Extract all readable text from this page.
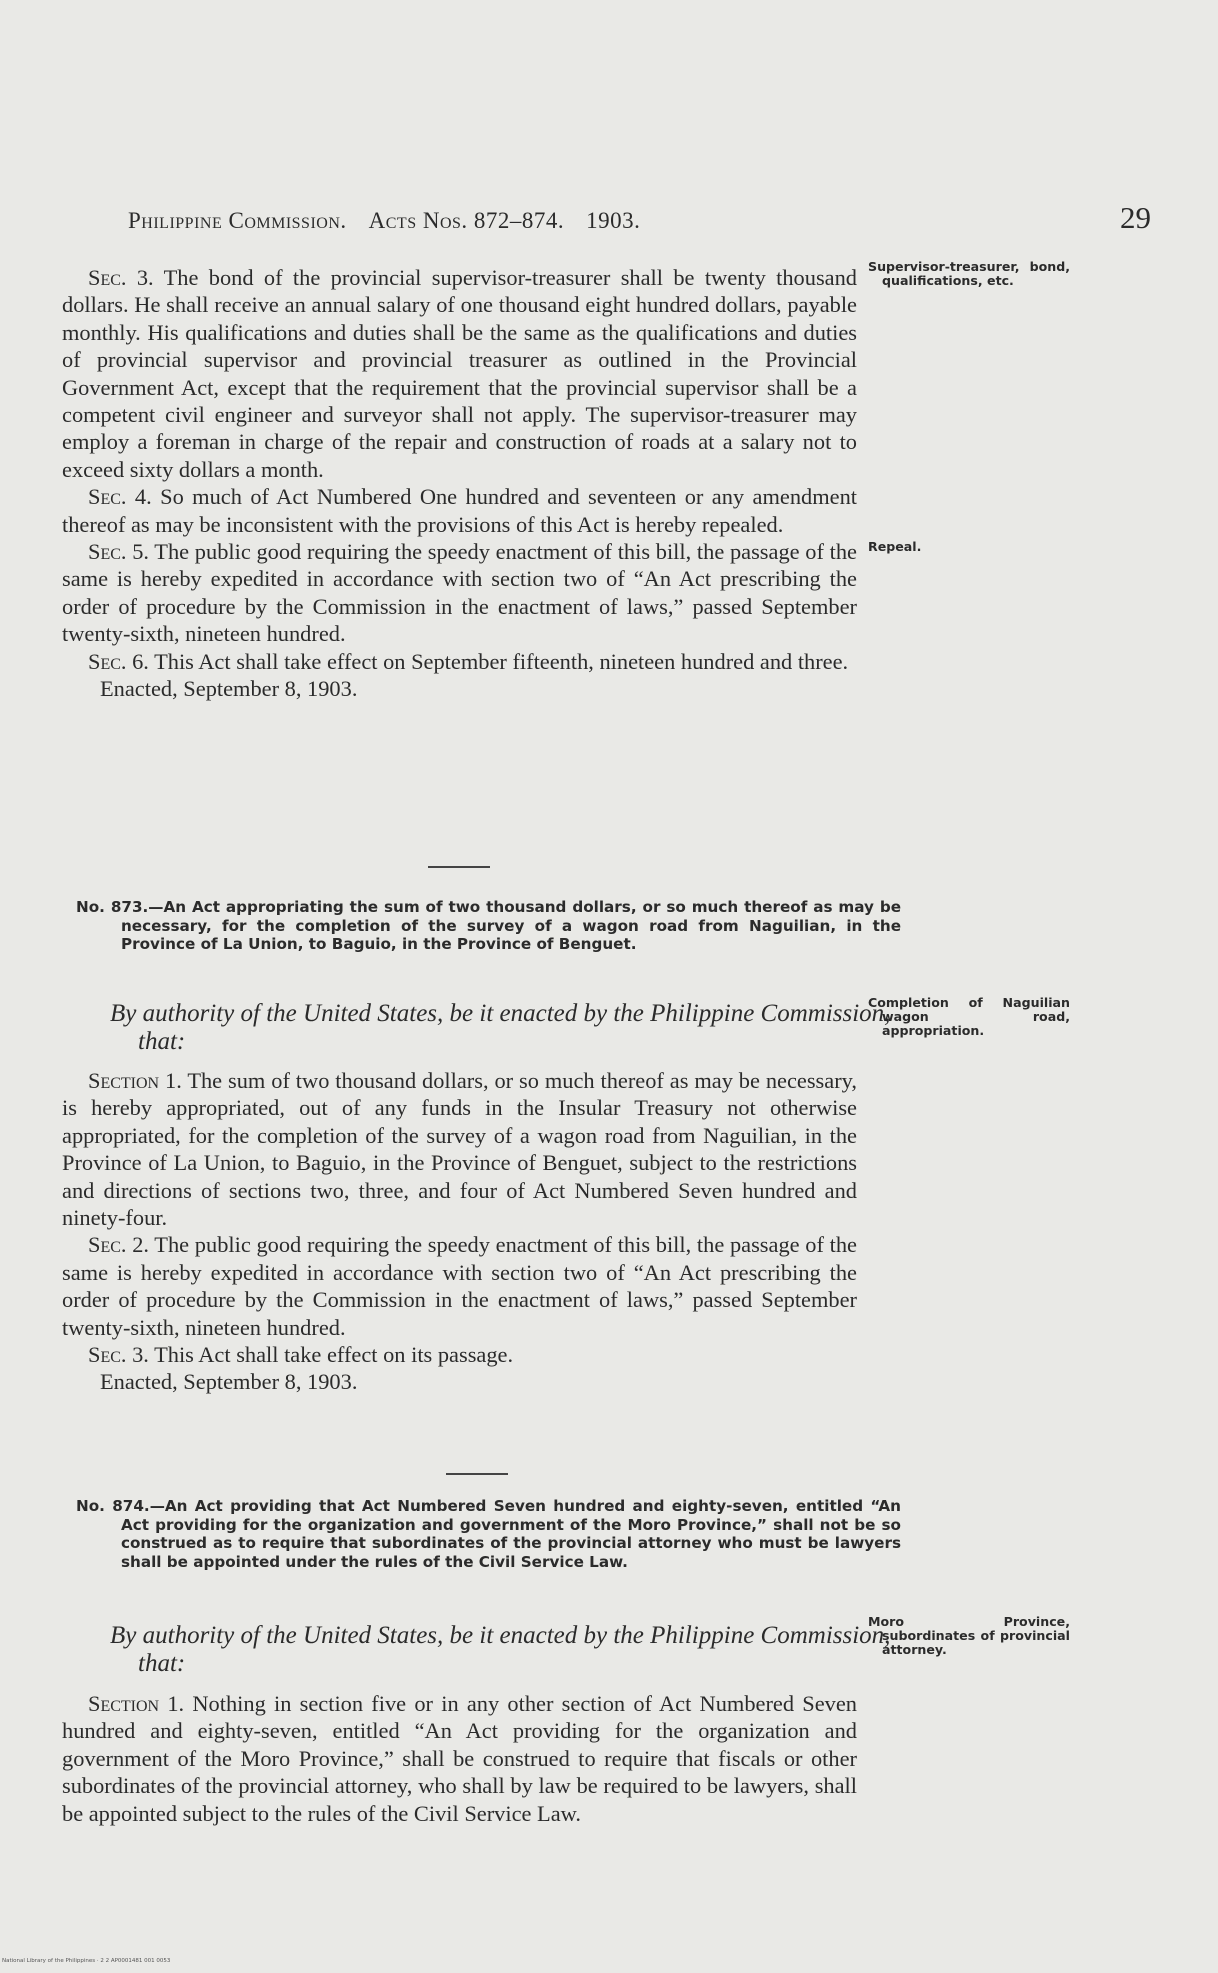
Philippine Commission. Acts Nos. 872–874. 1903.	29

Sec. 3. The bond of the provincial supervisor-treasurer shall be twenty thousand dollars. He shall receive an annual salary of one thousand eight hundred dollars, payable monthly. His qualifications and duties shall be the same as the qualifications and duties of provincial supervisor and provincial treasurer as outlined in the Provincial Government Act, except that the requirement that the provincial supervisor shall be a competent civil engineer and surveyor shall not apply. The supervisor-treasurer may employ a foreman in charge of the repair and construction of roads at a salary not to exceed sixty dollars a month.

Sec. 4. So much of Act Numbered One hundred and seventeen or any amendment thereof as may be inconsistent with the provisions of this Act is hereby repealed.

Sec. 5. The public good requiring the speedy enactment of this bill, the passage of the same is hereby expedited in accordance with section two of “An Act prescribing the order of procedure by the Commission in the enactment of laws,” passed September twenty-sixth, nineteen hundred.

Sec. 6. This Act shall take effect on September fifteenth, nineteen hundred and three.

Enacted, September 8, 1903.

Supervisor-treasurer, bond, qualifications, etc.
Repeal.
No. 873.—An Act appropriating the sum of two thousand dollars, or so much thereof as may be necessary, for the completion of the survey of a wagon road from Naguilian, in the Province of La Union, to Baguio, in the Province of Benguet.
By authority of the United States, be it enacted by the Philippine Commission, that:
Completion of Naguilian wagon road, appropriation.

Section 1. The sum of two thousand dollars, or so much thereof as may be necessary, is hereby appropriated, out of any funds in the Insular Treasury not otherwise appropriated, for the completion of the survey of a wagon road from Naguilian, in the Province of La Union, to Baguio, in the Province of Benguet, subject to the restrictions and directions of sections two, three, and four of Act Numbered Seven hundred and ninety-four.

Sec. 2. The public good requiring the speedy enactment of this bill, the passage of the same is hereby expedited in accordance with section two of “An Act prescribing the order of procedure by the Commission in the enactment of laws,” passed September twenty-sixth, nineteen hundred.

Sec. 3. This Act shall take effect on its passage.

Enacted, September 8, 1903.

No. 874.—An Act providing that Act Numbered Seven hundred and eighty-seven, entitled “An Act providing for the organization and government of the Moro Province,” shall not be so construed as to require that subordinates of the provincial attorney who must be lawyers shall be appointed under the rules of the Civil Service Law.
By authority of the United States, be it enacted by the Philippine Commission, that:
Moro Province, subordinates of provincial attorney.

Section 1. Nothing in section five or in any other section of Act Numbered Seven hundred and eighty-seven, entitled “An Act providing for the organization and government of the Moro Province,” shall be construed to require that fiscals or other subordinates of the provincial attorney, who shall by law be required to be lawyers, shall be appointed subject to the rules of the Civil Service Law.

National Library of the Philippines · 2 2 AP0001481 001 0053
